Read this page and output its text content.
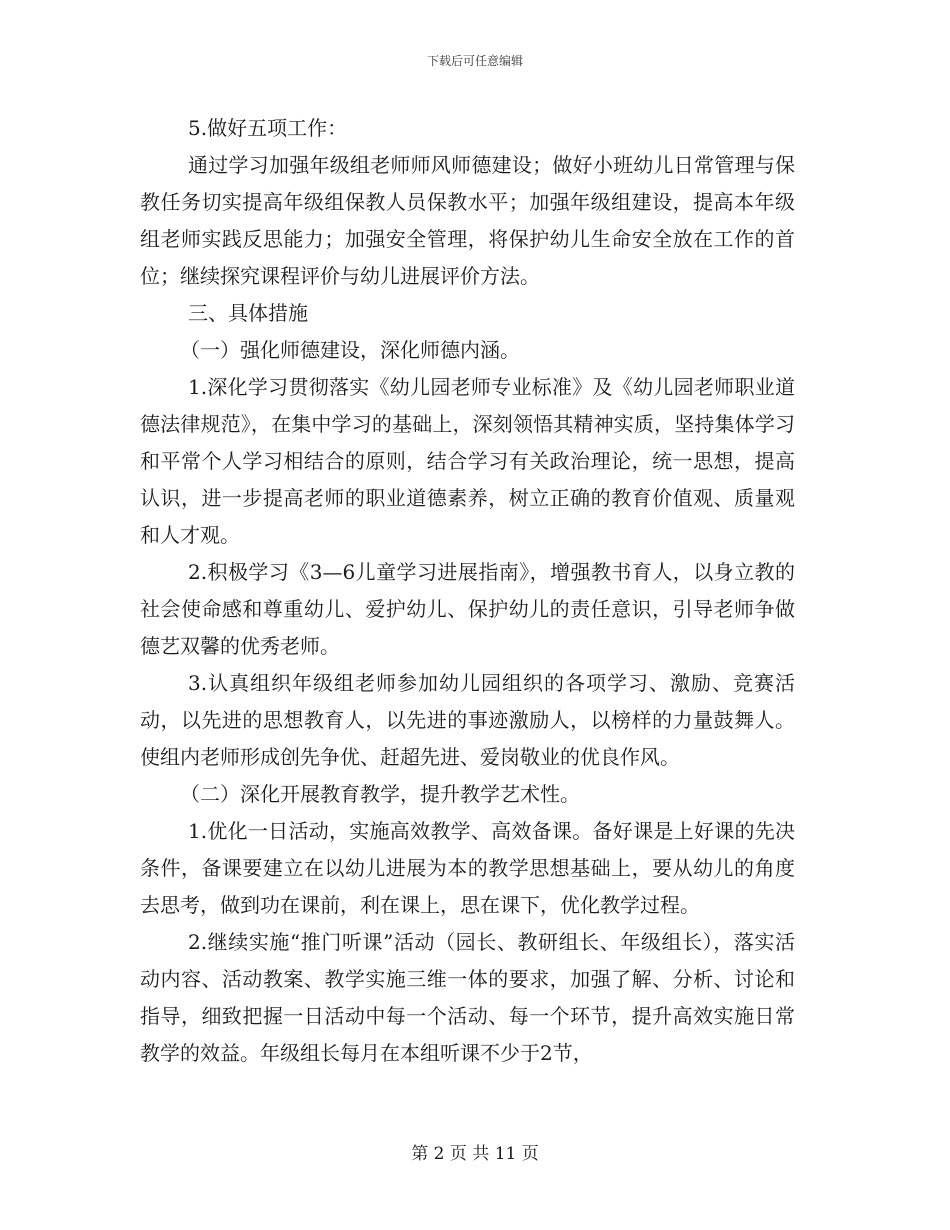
下载后可任意编辑

5.做好五项工作：

通过学习加强年级组老师师风师德建设；做好小班幼儿日常管理与保教任务切实提高年级组保教人员保教水平；加强年级组建设，提高本年级组老师实践反思能力；加强安全管理，将保护幼儿生命安全放在工作的首位；继续探究课程评价与幼儿进展评价方法。

三、具体措施

（一）强化师德建设，深化师德内涵。

1.深化学习贯彻落实《幼儿园老师专业标准》及《幼儿园老师职业道德法律规范》，在集中学习的基础上，深刻领悟其精神实质，坚持集体学习和平常个人学习相结合的原则，结合学习有关政治理论，统一思想，提高认识，进一步提高老师的职业道德素养，树立正确的教育价值观、质量观和人才观。

2.积极学习《3—6儿童学习进展指南》，增强教书育人，以身立教的社会使命感和尊重幼儿、爱护幼儿、保护幼儿的责任意识，引导老师争做德艺双馨的优秀老师。

3.认真组织年级组老师参加幼儿园组织的各项学习、激励、竞赛活动，以先进的思想教育人，以先进的事迹激励人，以榜样的力量鼓舞人。使组内老师形成创先争优、赶超先进、爱岗敬业的优良作风。

（二）深化开展教育教学，提升教学艺术性。

1.优化一日活动，实施高效教学、高效备课。备好课是上好课的先决条件，备课要建立在以幼儿进展为本的教学思想基础上，要从幼儿的角度去思考，做到功在课前，利在课上，思在课下，优化教学过程。

2.继续实施“推门听课”活动（园长、教研组长、年级组长），落实活动内容、活动教案、教学实施三维一体的要求，加强了解、分析、讨论和指导，细致把握一日活动中每一个活动、每一个环节，提升高效实施日常教学的效益。年级组长每月在本组听课不少于2节，

第 2 页 共 11 页
